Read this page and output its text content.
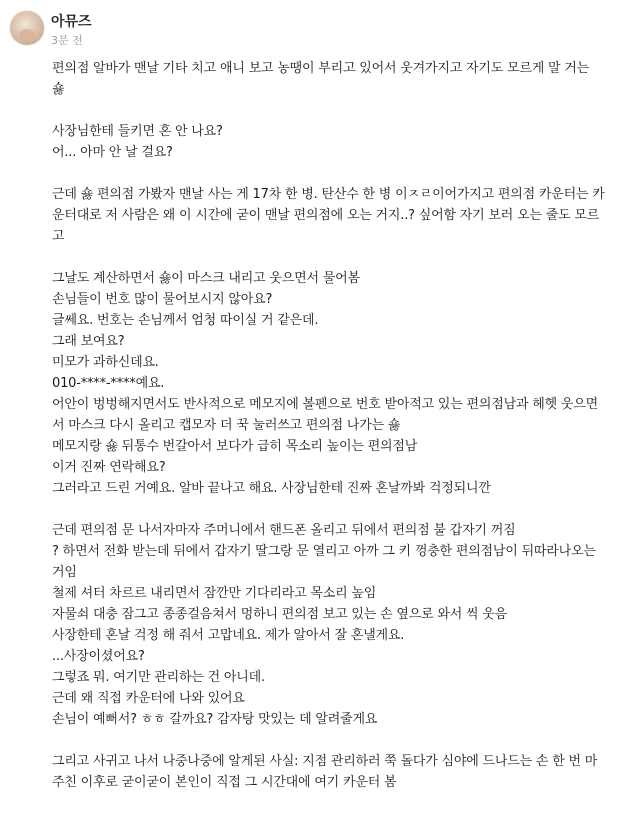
아뮤즈
3분 전
편의점 알바가 맨날 기타 치고 애니 보고 농땡이 부리고 있어서 웃겨가지고 자기도 모르게 말 거는
숋
사장님한테 들키면 혼 안 나요?
어... 아마 안 날 걸요?
근데 숋 편의점 가봤자 맨날 사는 게 17차 한 병. 탄산수 한 병 이ㅈㄹ이어가지고 편의점 카운터는 카
운터대로 저 사람은 왜 이 시간에 굳이 맨날 편의점에 오는 거지..? 싶어함 자기 보러 오는 줄도 모르
고
그날도 계산하면서 숋이 마스크 내리고 웃으면서 물어봄
손님들이 번호 많이 물어보시지 않아요?
글쎄요. 번호는 손님께서 엄청 따이실 거 같은데.
그래 보여요?
미모가 과하신데요.
010-****-****예요.
어안이 벙벙해지면서도 반사적으로 메모지에 볼펜으로 번호 받아적고 있는 편의점남과 헤헷 웃으면
서 마스크 다시 올리고 캡모자 더 꾹 눌러쓰고 편의점 나가는 숋
메모지랑 숋 뒤통수 번갈아서 보다가 급히 목소리 높이는 편의점남
이거 진짜 연락해요?
그러라고 드린 거예요. 알바 끝나고 해요. 사장님한테 진짜 혼날까봐 걱정되니깐
근데 편의점 문 나서자마자 주머니에서 핸드폰 올리고 뒤에서 편의점 불 갑자기 꺼짐
? 하면서 전화 받는데 뒤에서 갑자기 딸그랑 문 열리고 아까 그 키 껑충한 편의점남이 뒤따라나오는
거임
철제 셔터 차르르 내리면서 잠깐만 기다리라고 목소리 높임
자물쇠 대충 잠그고 종종걸음쳐서 멍하니 편의점 보고 있는 손 옆으로 와서 씩 웃음
사장한테 혼날 걱정 해 줘서 고맙네요. 제가 알아서 잘 혼낼게요.
...사장이셨어요?
그렇죠 뭐. 여기만 관리하는 건 아니데.
근데 왜 직접 카운터에 나와 있어요
손님이 예뻐서? ㅎㅎ 갈까요? 감자탕 맛있는 데 알려줄게요
그리고 사귀고 나서 나중나중에 알게된 사실: 지점 관리하러 쭉 돌다가 심야에 드나드는 손 한 번 마
주친 이후로 굳이굳이 본인이 직접 그 시간대에 여기 카운터 봄
